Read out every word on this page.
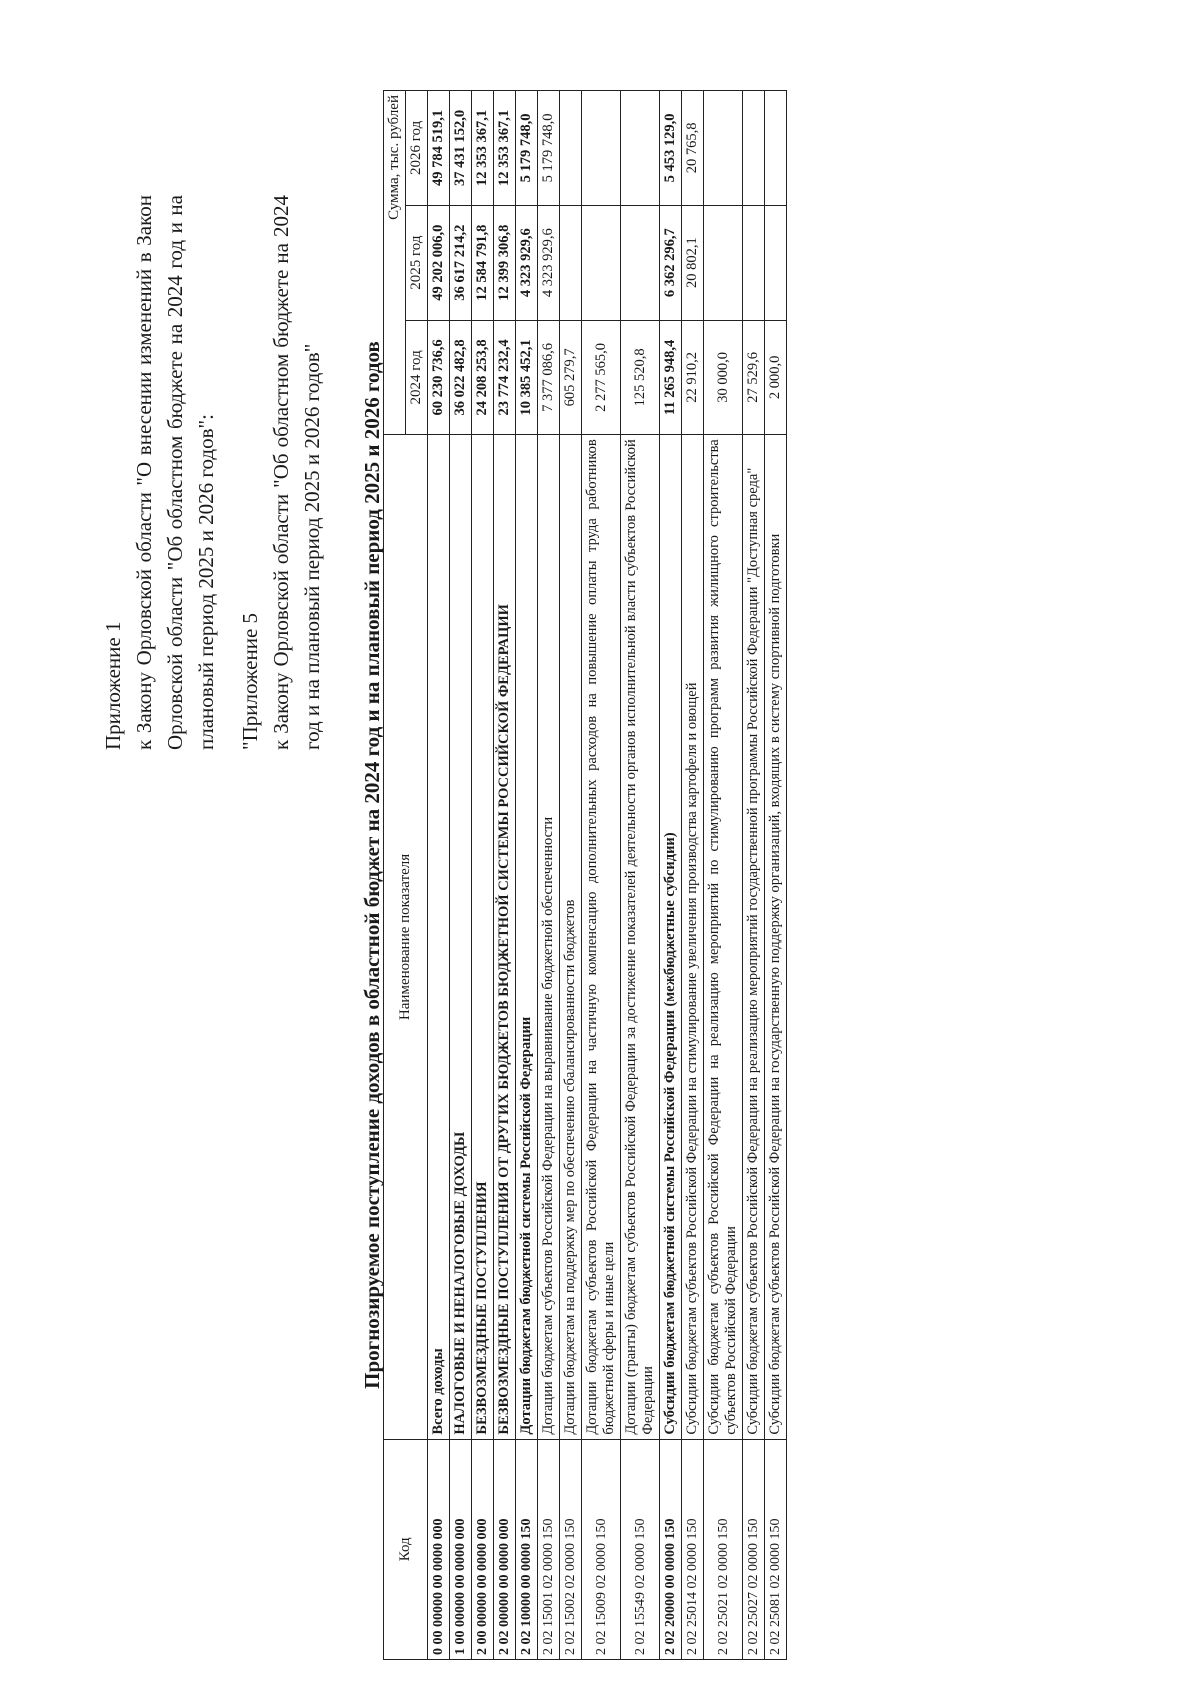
Приложение 1 к Закону Орловской области "О внесении изменений в Закон Орловской области "Об областном бюджете на 2024 год и на плановый период 2025 и 2026 годов": "Приложение 5 к Закону Орловской области "Об областном бюджете на 2024 год и на плановый период 2025 и 2026 годов" Прогнозируемое поступление доходов в областной бюджет на 2024 год и на плановый период 2025 и 2026 годов
Код	Наименование показателя	Сумма, тыс. рублей		
		2024 год	2025 год	2026 год
0 00 00000 00 0000 000	Всего доходы	60 230 736,6	49 202 006,0	49 784 519,1
1 00 00000 00 0000 000	НАЛОГОВЫЕ И НЕНАЛОГОВЫЕ ДОХОДЫ	36 022 482,8	36 617 214,2	37 431 152,0
2 00 00000 00 0000 000	БЕЗВОЗМЕЗДНЫЕ ПОСТУПЛЕНИЯ	24 208 253,8	12 584 791,8	12 353 367,1
2 02 00000 00 0000 000	БЕЗВОЗМЕЗДНЫЕ ПОСТУПЛЕНИЯ ОТ ДРУГИХ БЮДЖЕТОВ БЮДЖЕТНОЙ СИСТЕМЫ РОССИЙСКОЙ ФЕДЕРАЦИИ	23 774 232,4	12 399 306,8	12 353 367,1
2 02 10000 00 0000 150	Дотации бюджетам бюджетной системы Российской Федерации	10 385 452,1	4 323 929,6	5 179 748,0
2 02 15001 02 0000 150	Дотации бюджетам субъектов Российской Федерации на выравнивание бюджетной обеспеченности	7 377 086,6	4 323 929,6	5 179 748,0
2 02 15002 02 0000 150	Дотации бюджетам на поддержку мер по обеспечению сбалансированности бюджетов	605 279,7		
2 02 15009 02 0000 150	Дотации бюджетам субъектов Российской Федерации на частичную компенсацию дополнительных расходов на повышение оплаты труда работников бюджетной сферы и иные цели	2 277 565,0		
2 02 15549 02 0000 150	Дотации (гранты) бюджетам субъектов Российской Федерации за достижение показателей деятельности органов исполнительной власти субъектов Российской Федерации	125 520,8		
2 02 20000 00 0000 150	Субсидии бюджетам бюджетной системы Российской Федерации (межбюджетные субсидии)	11 265 948,4	6 362 296,7	5 453 129,0
2 02 25014 02 0000 150	Субсидии бюджетам субъектов Российской Федерации на стимулирование увеличения производства картофеля и овощей	22 910,2	20 802,1	20 765,8
2 02 25021 02 0000 150	Субсидии бюджетам субъектов Российской Федерации на реализацию мероприятий по стимулированию программ развития жилищного строительства субъектов Российской Федерации	30 000,0		
2 02 25027 02 0000 150	Субсидии бюджетам субъектов Российской Федерации на реализацию мероприятий государственной программы Российской Федерации "Доступная среда"	27 529,6		
2 02 25081 02 0000 150	Субсидии бюджетам субъектов Российской Федерации на государственную поддержку организаций, входящих в систему спортивной подготовки	2 000,0		
